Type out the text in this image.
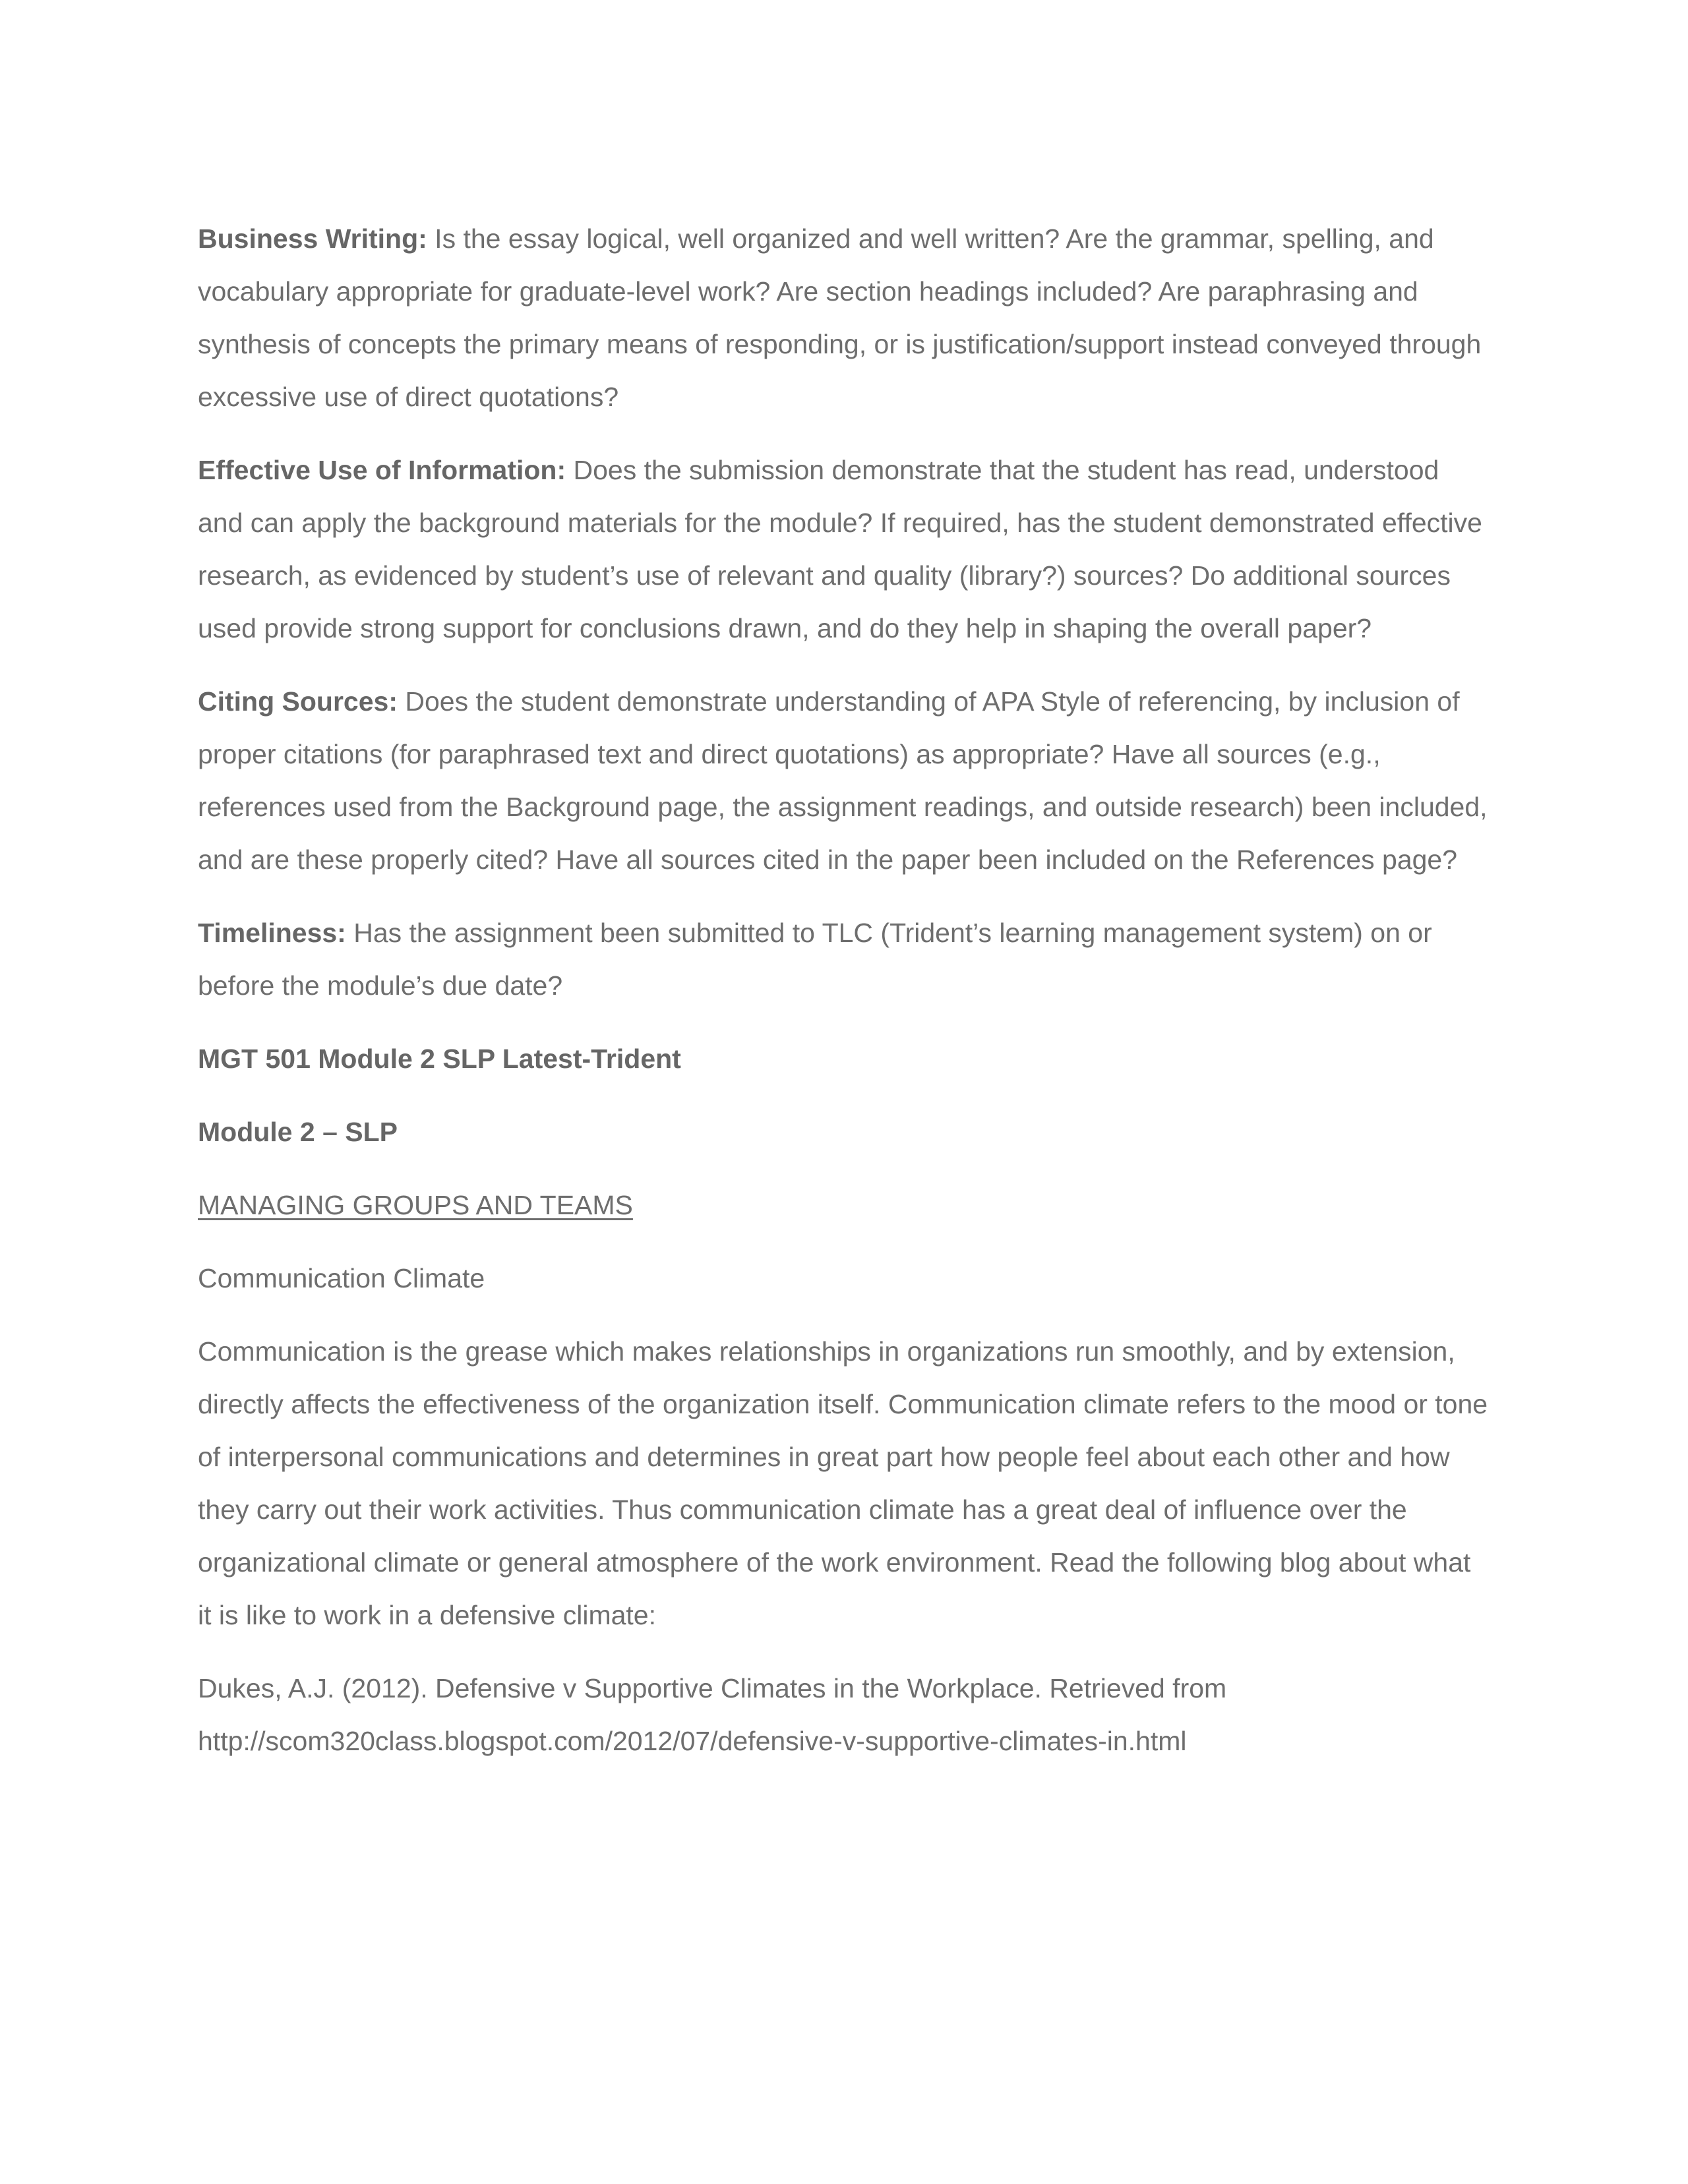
Business Writing: Is the essay logical, well organized and well written? Are the grammar, spelling, and vocabulary appropriate for graduate-level work? Are section headings included? Are paraphrasing and synthesis of concepts the primary means of responding, or is justification/support instead conveyed through excessive use of direct quotations?

Effective Use of Information: Does the submission demonstrate that the student has read, understood and can apply the background materials for the module? If required, has the student demonstrated effective research, as evidenced by student’s use of relevant and quality (library?) sources? Do additional sources used provide strong support for conclusions drawn, and do they help in shaping the overall paper?

Citing Sources: Does the student demonstrate understanding of APA Style of referencing, by inclusion of proper citations (for paraphrased text and direct quotations) as appropriate? Have all sources (e.g., references used from the Background page, the assignment readings, and outside research) been included, and are these properly cited? Have all sources cited in the paper been included on the References page?

Timeliness: Has the assignment been submitted to TLC (Trident’s learning management system) on or before the module’s due date?

MGT 501 Module 2 SLP Latest-Trident

Module 2 – SLP

MANAGING GROUPS AND TEAMS

Communication Climate

Communication is the grease which makes relationships in organizations run smoothly, and by extension, directly affects the effectiveness of the organization itself. Communication climate refers to the mood or tone of interpersonal communications and determines in great part how people feel about each other and how they carry out their work activities. Thus communication climate has a great deal of influence over the organizational climate or general atmosphere of the work environment. Read the following blog about what it is like to work in a defensive climate:

Dukes, A.J. (2012). Defensive v Supportive Climates in the Workplace. Retrieved from

http://scom320class.blogspot.com/2012/07/defensive-v-supportive-climates-in.html
